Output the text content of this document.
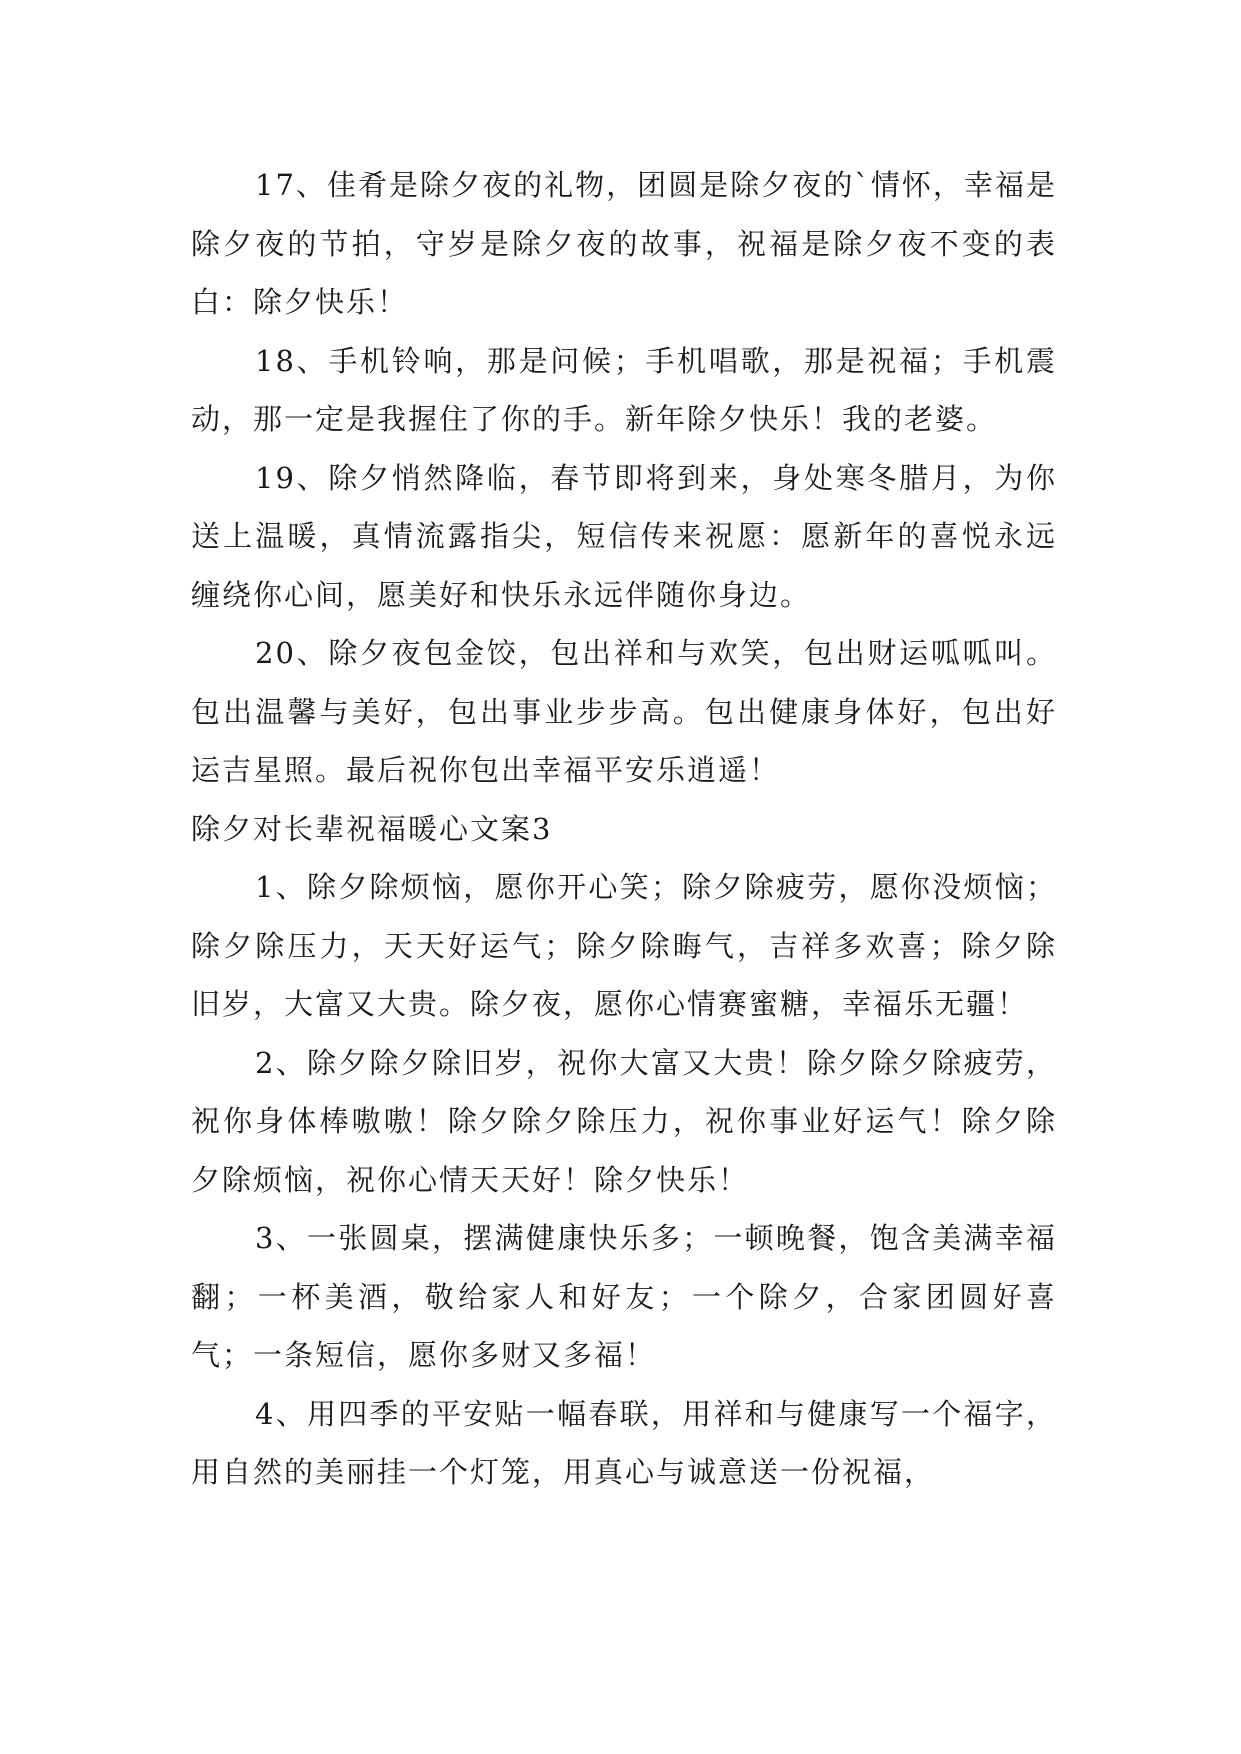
17、佳肴是除夕夜的礼物，团圆是除夕夜的`情怀，幸福是除夕夜的节拍，守岁是除夕夜的故事，祝福是除夕夜不变的表白：除夕快乐！

18、手机铃响，那是问候；手机唱歌，那是祝福；手机震动，那一定是我握住了你的手。新年除夕快乐！我的老婆。

19、除夕悄然降临，春节即将到来，身处寒冬腊月，为你送上温暖，真情流露指尖，短信传来祝愿：愿新年的喜悦永远缠绕你心间，愿美好和快乐永远伴随你身边。

20、除夕夜包金饺，包出祥和与欢笑，包出财运呱呱叫。包出温馨与美好，包出事业步步高。包出健康身体好，包出好运吉星照。最后祝你包出幸福平安乐逍遥！

除夕对长辈祝福暖心文案3

1、除夕除烦恼，愿你开心笑；除夕除疲劳，愿你没烦恼；除夕除压力，天天好运气；除夕除晦气，吉祥多欢喜；除夕除旧岁，大富又大贵。除夕夜，愿你心情赛蜜糖，幸福乐无疆！

2、除夕除夕除旧岁，祝你大富又大贵！除夕除夕除疲劳，祝你身体棒嗷嗷！除夕除夕除压力，祝你事业好运气！除夕除夕除烦恼，祝你心情天天好！除夕快乐！

3、一张圆桌，摆满健康快乐多；一顿晚餐，饱含美满幸福翻；一杯美酒，敬给家人和好友；一个除夕，合家团圆好喜气；一条短信，愿你多财又多福！

4、用四季的平安贴一幅春联，用祥和与健康写一个福字，用自然的美丽挂一个灯笼，用真心与诚意送一份祝福，
